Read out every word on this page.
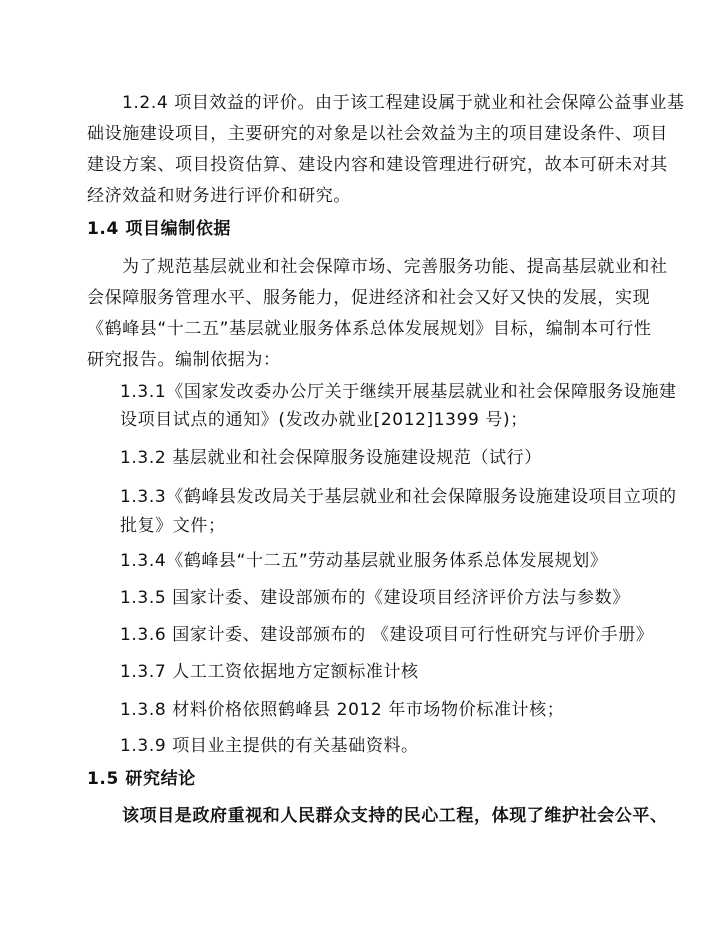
1.2.4 项目效益的评价。由于该工程建设属于就业和社会保障公益事业基
础设施建设项目，主要研究的对象是以社会效益为主的项目建设条件、项目
建设方案、项目投资估算、建设内容和建设管理进行研究，故本可研未对其
经济效益和财务进行评价和研究。
1.4 项目编制依据
为了规范基层就业和社会保障市场、完善服务功能、提高基层就业和社
会保障服务管理水平、服务能力，促进经济和社会又好又快的发展，实现
《鹤峰县“十二五”基层就业服务体系总体发展规划》目标，编制本可行性
研究报告。编制依据为：
1.3.1《国家发改委办公厅关于继续开展基层就业和社会保障服务设施建
设项目试点的通知》(发改办就业[2012]1399 号)；
1.3.2 基层就业和社会保障服务设施建设规范（试行）
1.3.3《鹤峰县发改局关于基层就业和社会保障服务设施建设项目立项的
批复》文件；
1.3.4《鹤峰县“十二五”劳动基层就业服务体系总体发展规划》
1.3.5 国家计委、建设部颁布的《建设项目经济评价方法与参数》
1.3.6 国家计委、建设部颁布的 《建设项目可行性研究与评价手册》
1.3.7 人工工资依据地方定额标准计核
1.3.8 材料价格依照鹤峰县 2012 年市场物价标准计核；
1.3.9 项目业主提供的有关基础资料。
1.5 研究结论
该项目是政府重视和人民群众支持的民心工程，体现了维护社会公平、
